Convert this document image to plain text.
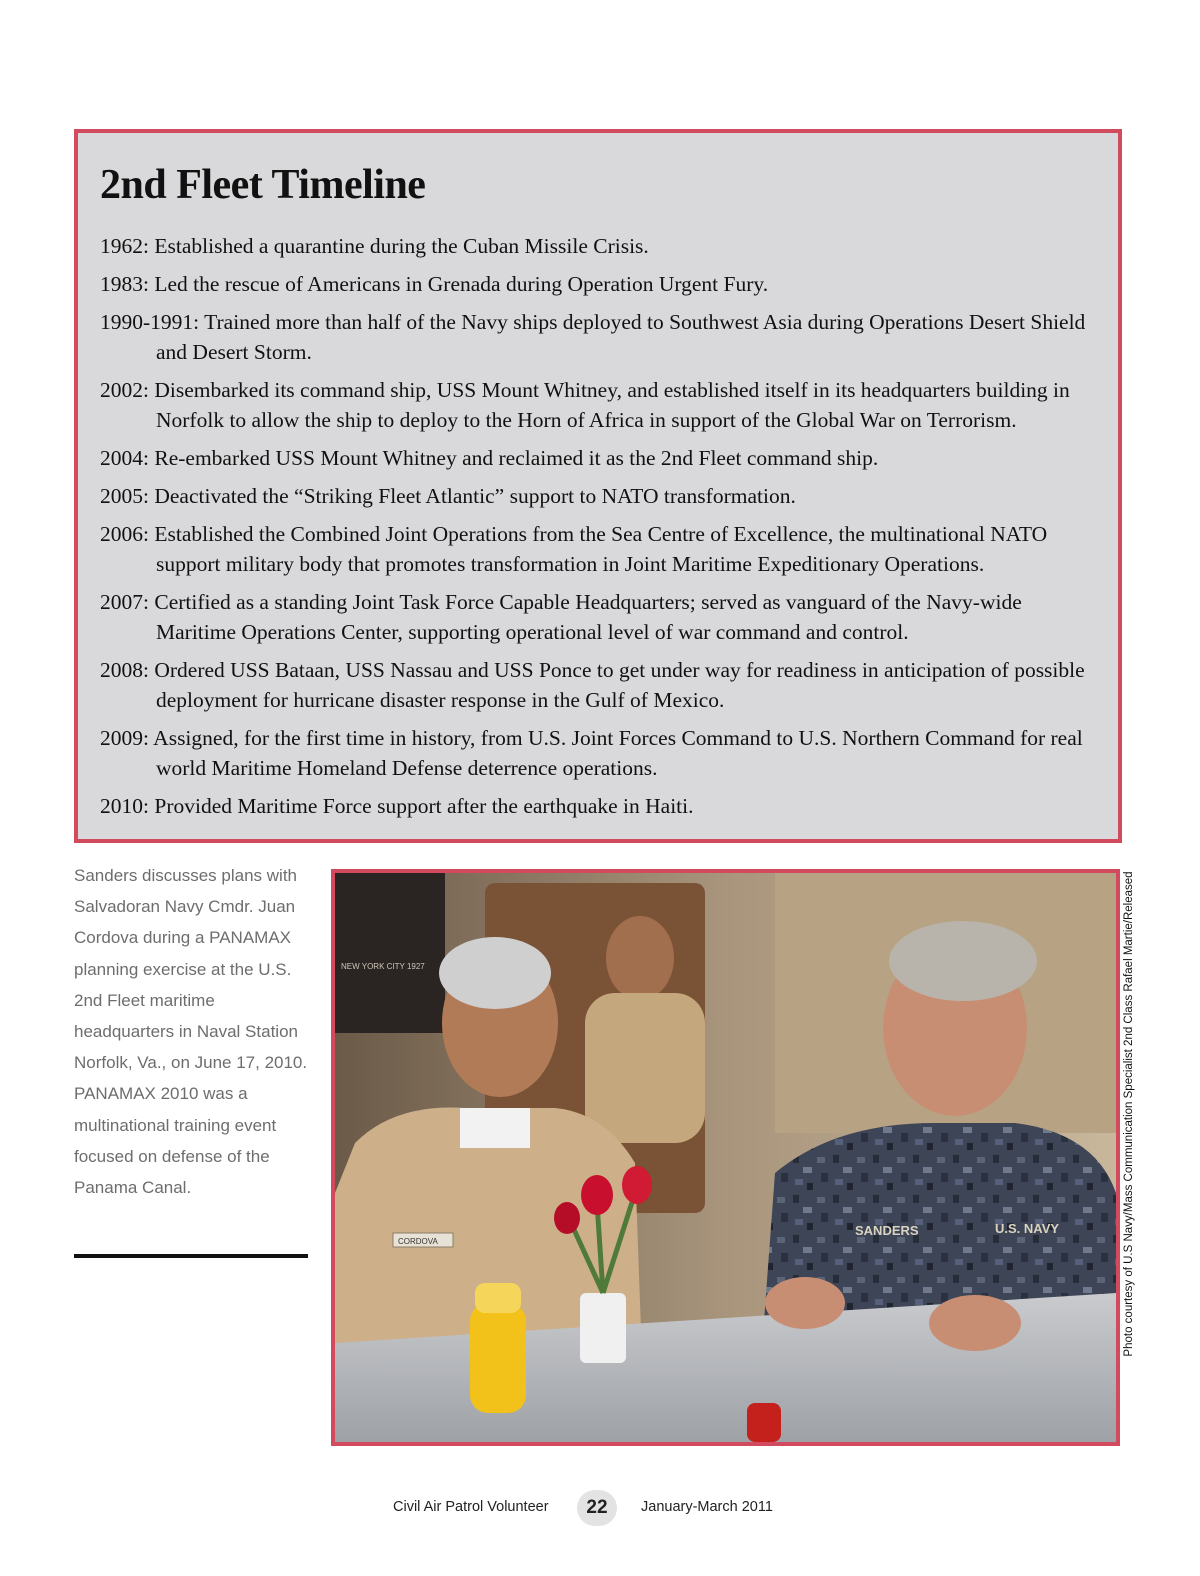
2nd Fleet Timeline
1962 : Established a quarantine during the Cuban Missile Crisis.
1983 : Led the rescue of Americans in Grenada during Operation Urgent Fury.
1990-1991 : Trained more than half of the Navy ships deployed to Southwest Asia during Operations Desert Shield and Desert Storm.
2002 : Disembarked its command ship, USS Mount Whitney, and established itself in its headquarters building in Norfolk to allow the ship to deploy to the Horn of Africa in support of the Global War on Terrorism.
2004 : Re-embarked USS Mount Whitney and reclaimed it as the 2nd Fleet command ship.
2005 : Deactivated the “Striking Fleet Atlantic” support to NATO transformation.
2006 : Established the Combined Joint Operations from the Sea Centre of Excellence, the multinational NATO support military body that promotes transformation in Joint Maritime Expeditionary Operations.
2007 : Certified as a standing Joint Task Force Capable Headquarters; served as vanguard of the Navy-wide Maritime Operations Center, supporting operational level of war command and control.
2008 : Ordered USS Bataan, USS Nassau and USS Ponce to get under way for readiness in anticipation of possible deployment for hurricane disaster response in the Gulf of Mexico.
2009 : Assigned, for the first time in history, from U.S. Joint Forces Command to U.S. Northern Command for real world Maritime Homeland Defense deterrence operations.
2010 : Provided Maritime Force support after the earthquake in Haiti.

Sanders discusses plans with Salvadoran Navy Cmdr. Juan Cordova during a PANAMAX planning exercise at the U.S. 2nd Fleet maritime headquarters in Naval Station Norfolk, Va., on June 17, 2010. PANAMAX 2010 was a multinational training event focused on defense of the Panama Canal.

NEW YORK CITY 1927
CORDOVA
SANDERS	U.S. NAVY	Photo courtesy of U.S Navy/Mass Communication Specialist 2nd Class Rafael Martie/Released
Civil Air Patrol Volunteer	22	January-March 2011
